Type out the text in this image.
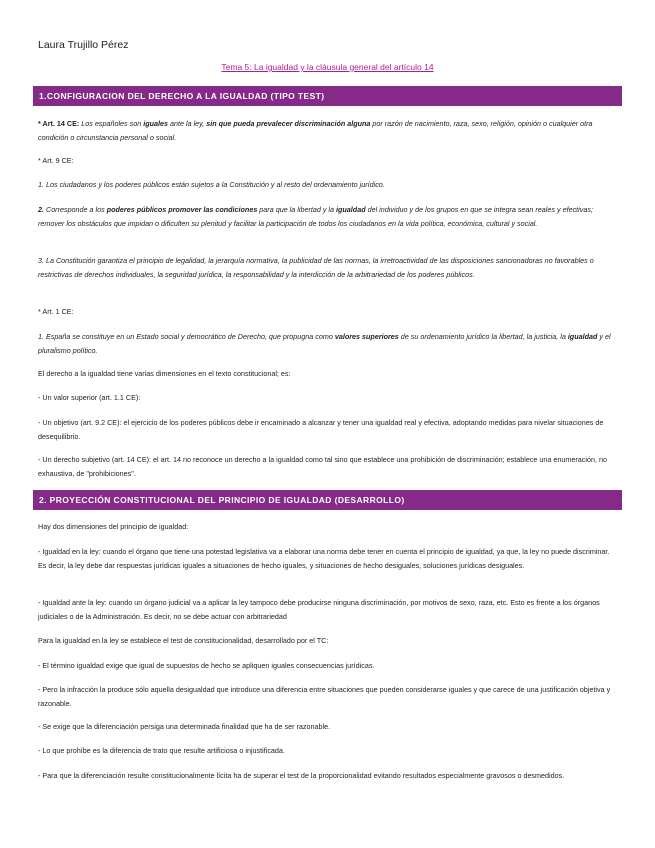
Laura Trujillo Pérez
Tema 5: La igualdad y la cláusula general del artículo 14
1.CONFIGURACION DEL DERECHO A LA IGUALDAD (TIPO TEST)

* Art. 14 CE: Los españoles son iguales ante la ley, sin que pueda prevalecer discriminación alguna por razón de nacimiento, raza, sexo, religión, opinión o cualquier otra condición o circunstancia personal o social.

* Art. 9 CE:

1. Los ciudadanos y los poderes públicos están sujetos a la Constitución y al resto del ordenamiento jurídico.

2. Corresponde a los poderes públicos promover las condiciones para que la libertad y la igualdad del individuo y de los grupos en que se integra sean reales y efectivas; remover los obstáculos que impidan o dificulten su plenitud y facilitar la participación de todos los ciudadanos en la vida política, económica, cultural y social.

3. La Constitución garantiza el principio de legalidad, la jerarquía normativa, la publicidad de las normas, la irretroactividad de las disposiciones sancionadoras no favorables o restrictivas de derechos individuales, la seguridad jurídica, la responsabilidad y la interdicción de la arbitrariedad de los poderes públicos.

* Art. 1 CE:

1. España se constituye en un Estado social y democrático de Derecho, que propugna como valores superiores de su ordenamiento jurídico la libertad, la justicia, la igualdad y el pluralismo político.

El derecho a la igualdad tiene varias dimensiones en el texto constitucional; es:

- Un valor superior (art. 1.1 CE):

- Un objetivo (art. 9.2 CE): el ejercicio de los poderes públicos debe ir encaminado a alcanzar y tener una igualdad real y efectiva, adoptando medidas para nivelar situaciones de desequilibrio.

- Un derecho subjetivo (art. 14 CE): el art. 14 no reconoce un derecho a la igualdad como tal sino que establece una prohibición de discriminación; establece una enumeración, no exhaustiva, de "prohibiciones".

2. PROYECCIÓN CONSTITUCIONAL DEL PRINCIPIO DE IGUALDAD (DESARROLLO)

Hay dos dimensiones del principio de igualdad:

- Igualdad en la ley: cuando el órgano que tiene una potestad legislativa va a elaborar una norma debe tener en cuenta el principio de igualdad, ya que, la ley no puede discriminar. Es decir, la ley debe dar respuestas jurídicas iguales a situaciones de hecho iguales, y situaciones de hecho desiguales, soluciones jurídicas desiguales.

- Igualdad ante la ley: cuando un órgano judicial va a aplicar la ley tampoco debe producirse ninguna discriminación, por motivos de sexo, raza, etc. Esto es frente a los órganos judiciales o de la Administración. Es decir, no se debe actuar con arbitrariedad

Para la igualdad en la ley se establece el test de constitucionalidad, desarrollado por el TC:

- El término igualdad exige que igual de supuestos de hecho se apliquen iguales consecuencias jurídicas.

- Pero la infracción la produce sólo aquella desigualdad que introduce una diferencia entre situaciones que pueden considerarse iguales y que carece de una justificación objetiva y razonable.

- Se exige que la diferenciación persiga una determinada finalidad que ha de ser razonable.

- Lo que prohíbe es la diferencia de trato que resulte artificiosa o injustificada.

- Para que la diferenciación resulte constitucionalmente lícita ha de superar el test de la proporcionalidad evitando resultados especialmente gravosos o desmedidos.
